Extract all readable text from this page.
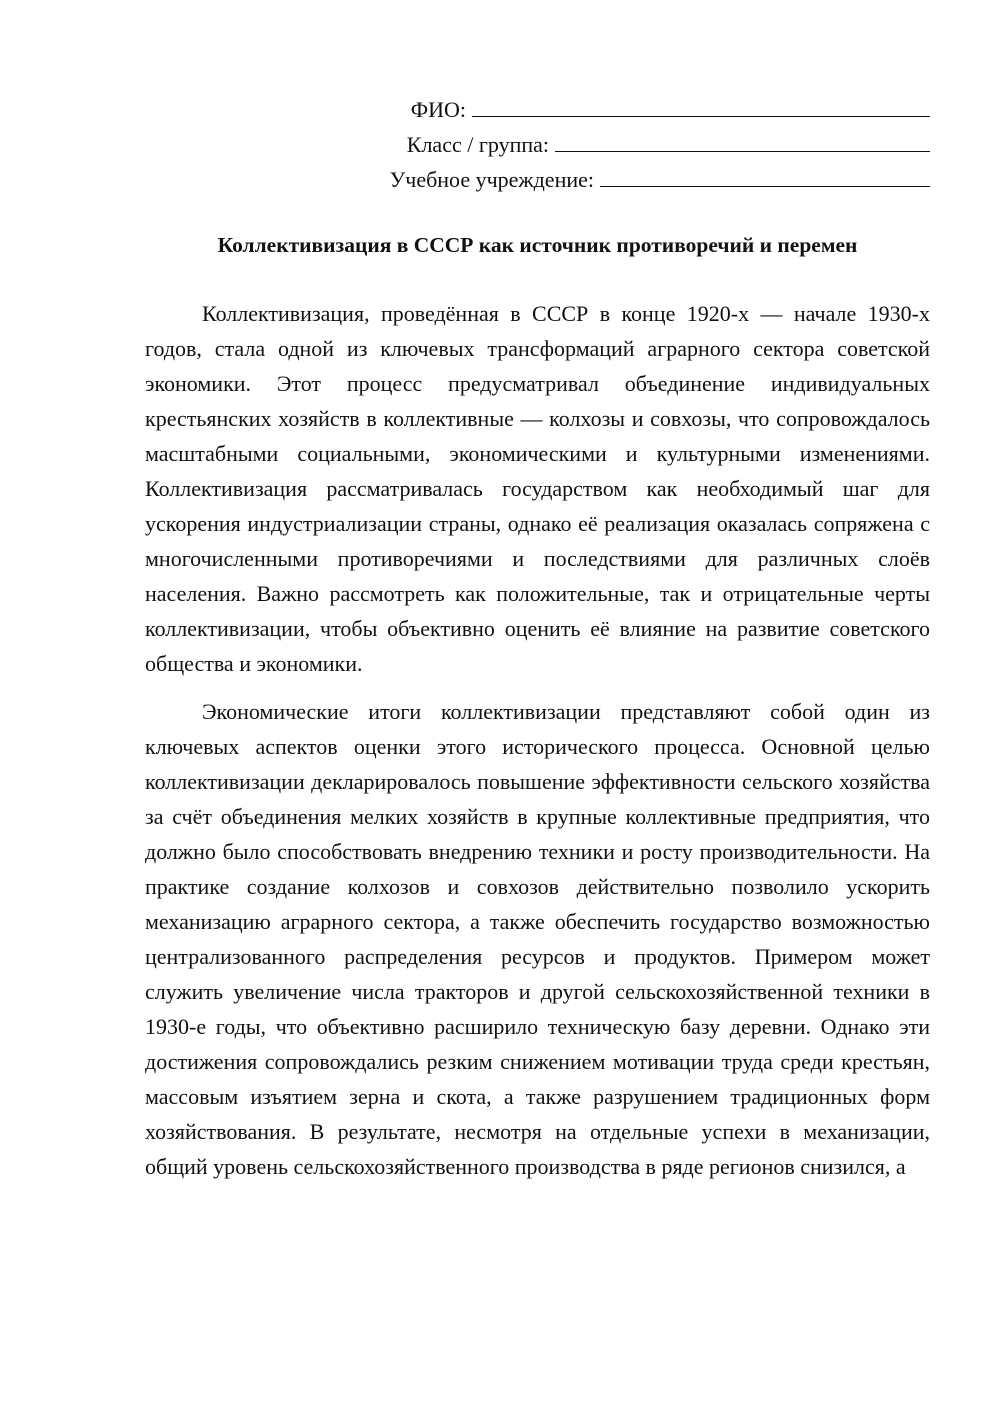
ФИО:
Класс / группа:
Учебное учреждение:
Коллективизация в СССР как источник противоречий и перемен

Коллективизация, проведённая в СССР в конце 1920-х — начале 1930-х годов, стала одной из ключевых трансформаций аграрного сектора советской экономики. Этот процесс предусматривал объединение индивидуальных крестьянских хозяйств в коллективные — колхозы и совхозы, что сопровождалось масштабными социальными, экономическими и культурными изменениями. Коллективизация рассматривалась государством как необходимый шаг для ускорения индустриализации страны, однако её реализация оказалась сопряжена с многочисленными противоречиями и последствиями для различных слоёв населения. Важно рассмотреть как положительные, так и отрицательные черты коллективизации, чтобы объективно оценить её влияние на развитие советского общества и экономики.

Экономические итоги коллективизации представляют собой один из ключевых аспектов оценки этого исторического процесса. Основной целью коллективизации декларировалось повышение эффективности сельского хозяйства за счёт объединения мелких хозяйств в крупные коллективные предприятия, что должно было способствовать внедрению техники и росту производительности. На практике создание колхозов и совхозов действительно позволило ускорить механизацию аграрного сектора, а также обеспечить государство возможностью централизованного распределения ресурсов и продуктов. Примером может служить увеличение числа тракторов и другой сельскохозяйственной техники в 1930-е годы, что объективно расширило техническую базу деревни. Однако эти достижения сопровождались резким снижением мотивации труда среди крестьян, массовым изъятием зерна и скота, а также разрушением традиционных форм хозяйствования. В результате, несмотря на отдельные успехи в механизации, общий уровень сельскохозяйственного производства в ряде регионов снизился, а
